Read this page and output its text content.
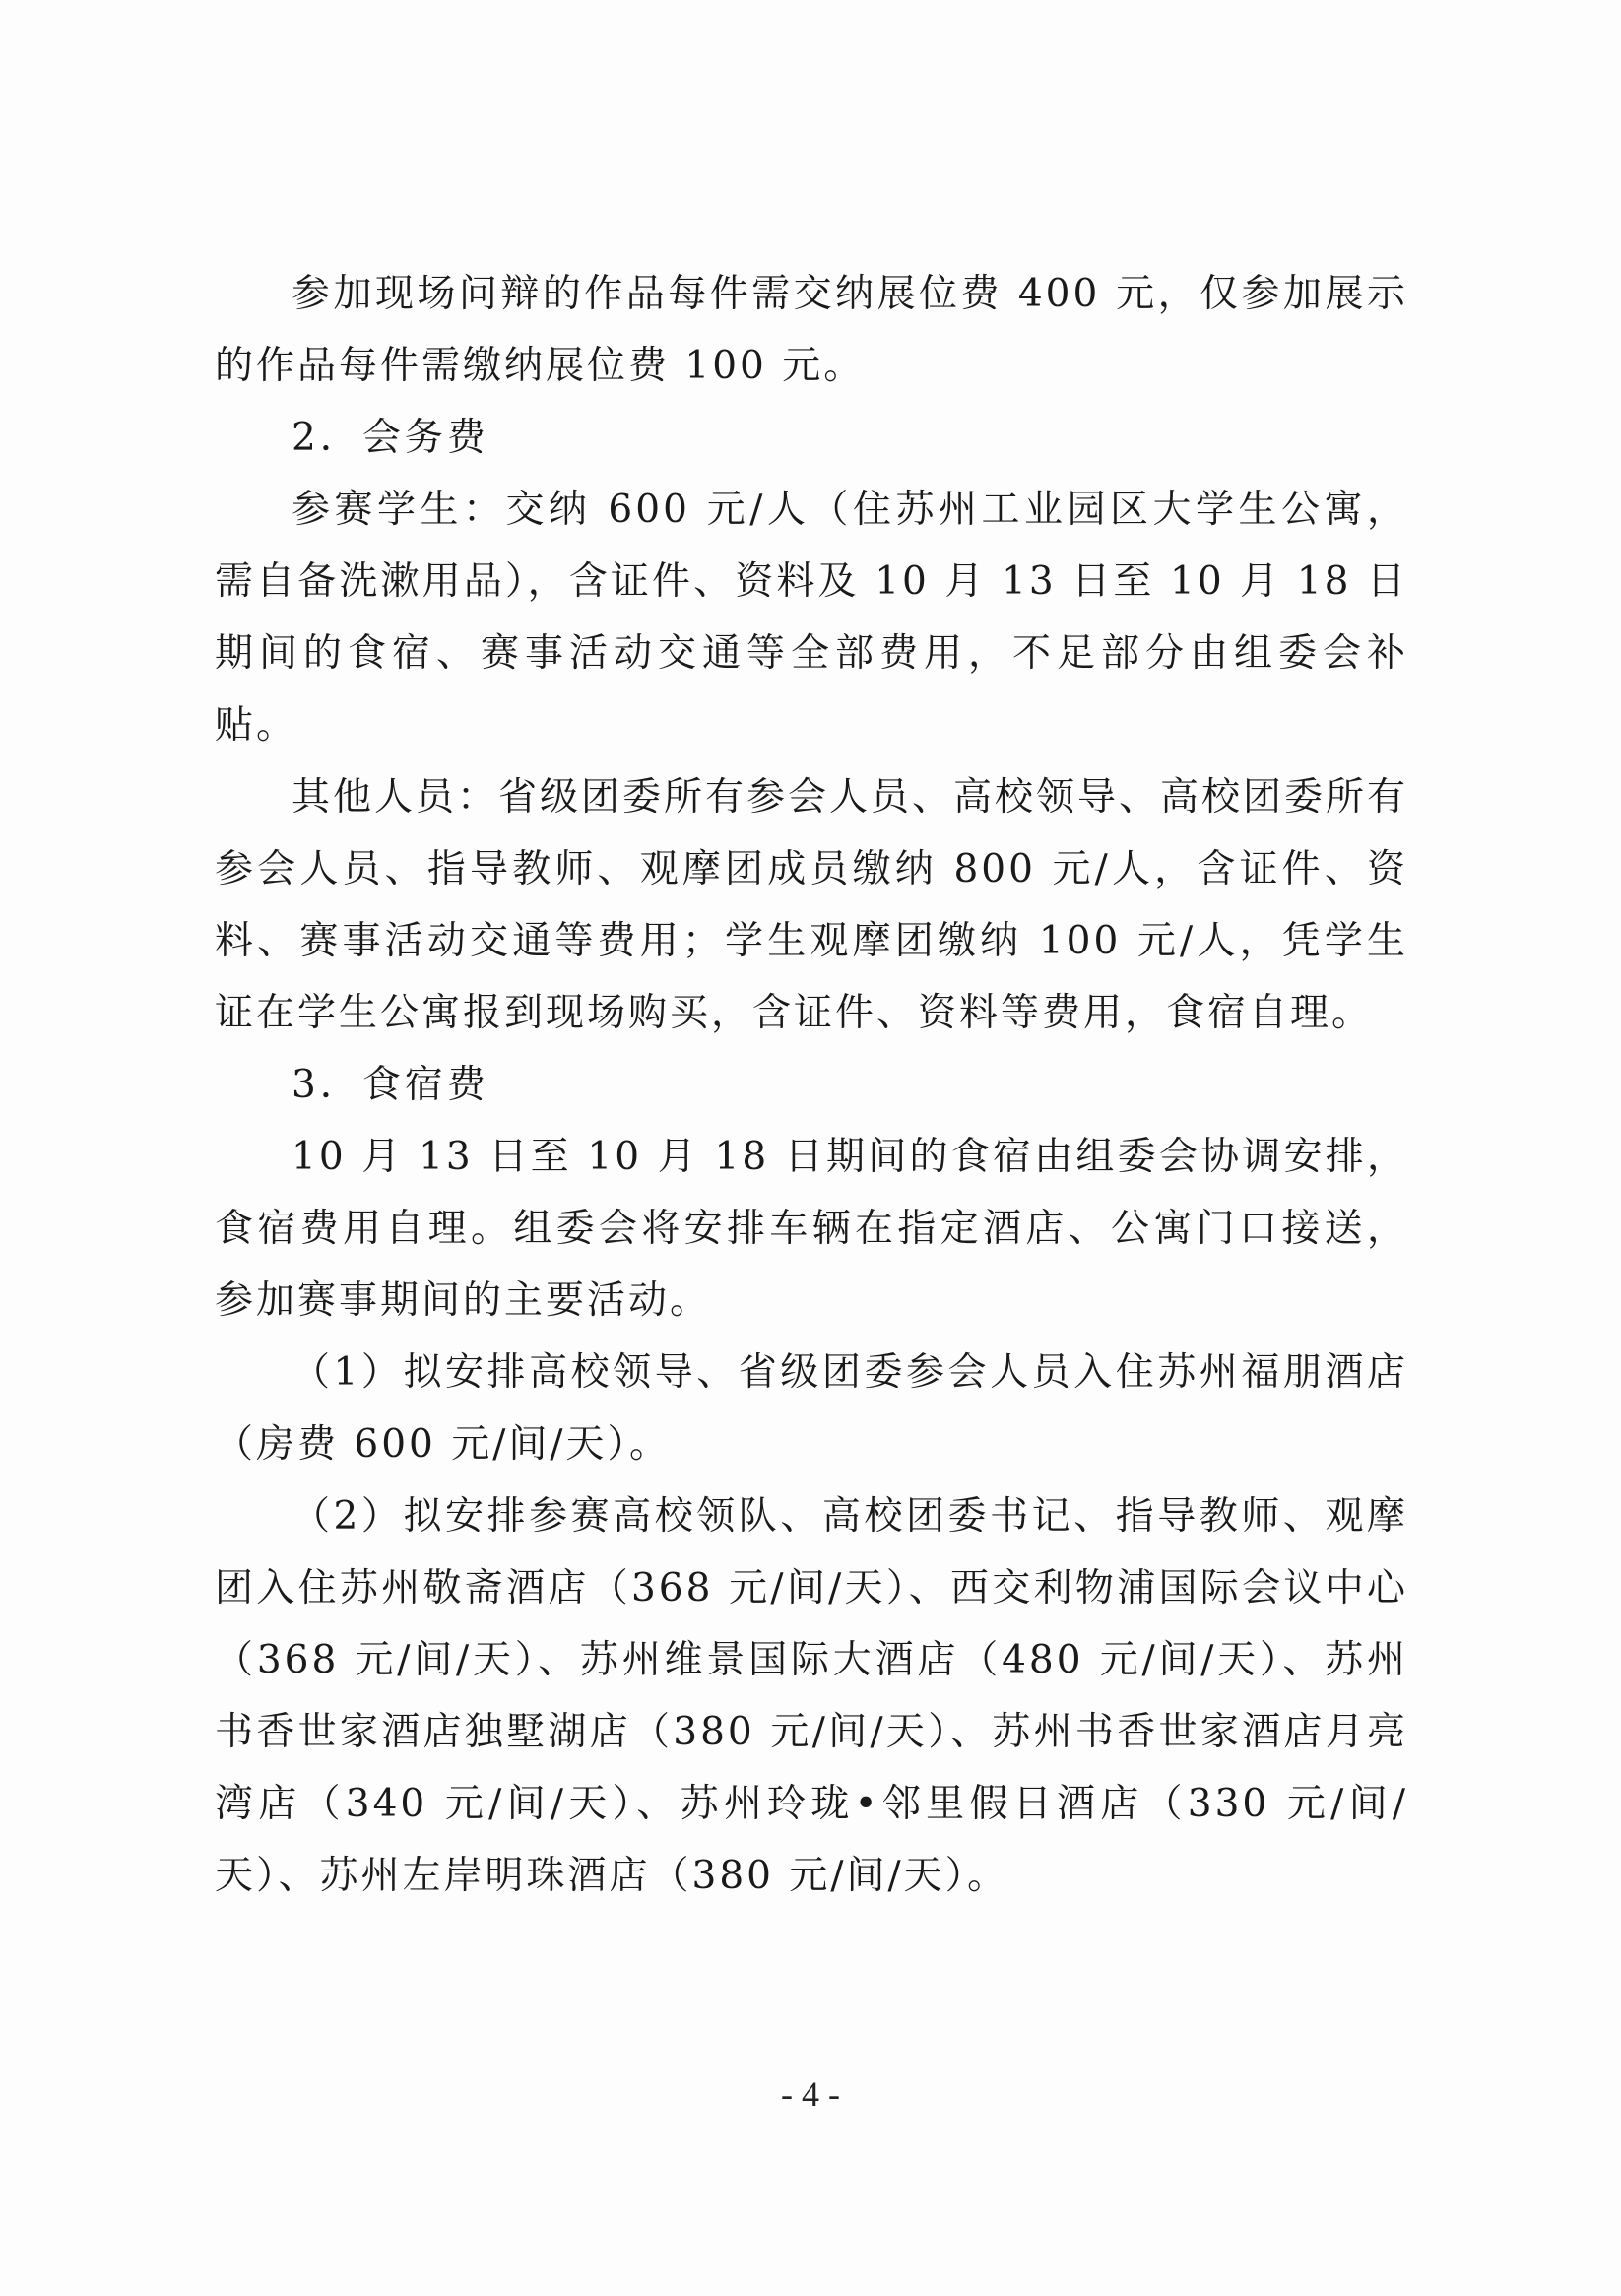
参加现场问辩的作品每件需交纳展位费 400 元，仅参加展示的作品每件需缴纳展位费 100 元。

2．会务费

参赛学生：交纳 600 元/人（住苏州工业园区大学生公寓，需自备洗漱用品），含证件、资料及 10 月 13 日至 10 月 18 日期间的食宿、赛事活动交通等全部费用，不足部分由组委会补贴。

其他人员：省级团委所有参会人员、高校领导、高校团委所有参会人员、指导教师、观摩团成员缴纳 800 元/人，含证件、资料、赛事活动交通等费用；学生观摩团缴纳 100 元/人，凭学生证在学生公寓报到现场购买，含证件、资料等费用，食宿自理。

3．食宿费

10 月 13 日至 10 月 18 日期间的食宿由组委会协调安排，食宿费用自理。组委会将安排车辆在指定酒店、公寓门口接送，参加赛事期间的主要活动。

（1）拟安排高校领导、省级团委参会人员入住苏州福朋酒店（房费 600 元/间/天）。

（2）拟安排参赛高校领队、高校团委书记、指导教师、观摩团入住苏州敬斋酒店（368 元/间/天）、西交利物浦国际会议中心（368 元/间/天）、苏州维景国际大酒店（480 元/间/天）、苏州书香世家酒店独墅湖店（380 元/间/天）、苏州书香世家酒店月亮湾店（340 元/间/天）、苏州玲珑•邻里假日酒店（330 元/间/天）、苏州左岸明珠酒店（380 元/间/天）。

- 4 -
